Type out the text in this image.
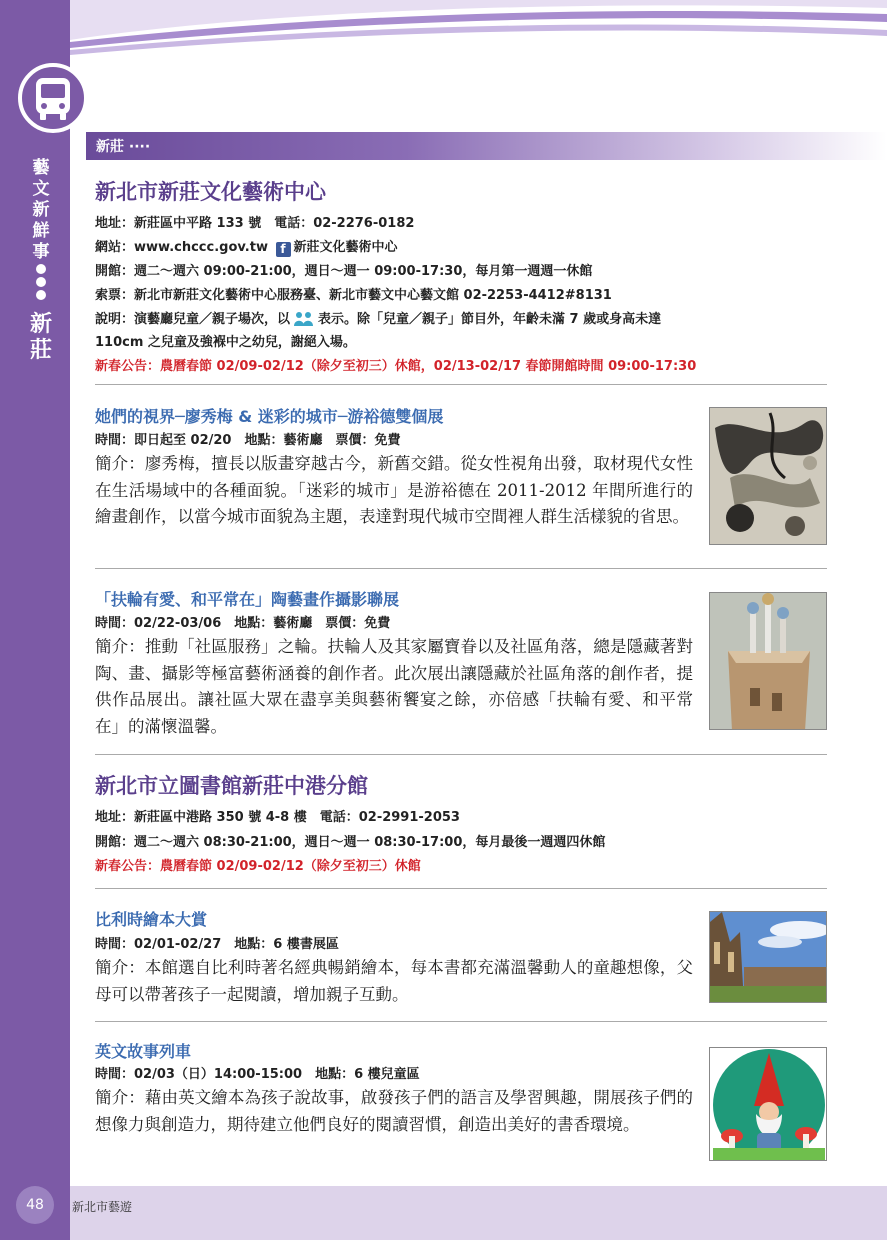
藝
文
新
鮮
事
新
莊
新莊 ····
新北市新莊文化藝術中心
地址：新莊區中平路 133 號　電話：02-2276-0182
網站：www.chccc.gov.tw f 新莊文化藝術中心
開館：週二～週六 09:00-21:00，週日～週一 09:00-17:30，每月第一週週一休館
索票：新北市新莊文化藝術中心服務臺、新北市藝文中心藝文館 02-2253-4412#8131
說明：演藝廳兒童／親子場次，以 表示。除「兒童／親子」節目外，年齡未滿 7 歲或身高未達
110cm 之兒童及強褓中之幼兒，謝絕入場。
新春公告：農曆春節 02/09-02/12（除夕至初三）休館，02/13-02/17 春節開館時間 09:00-17:30
她們的視界─廖秀梅 & 迷彩的城市─游裕德雙個展
時間：即日起至 02/20　地點：藝術廳　票價：免費
簡介：廖秀梅，擅長以版畫穿越古今，新舊交錯。從女性視角出發，取材現代女性在生活場域中的各種面貌。「迷彩的城市」是游裕德在 2011-2012 年間所進行的繪畫創作，以當今城市面貌為主題，表達對現代城市空間裡人群生活樣貌的省思。
「扶輪有愛、和平常在」陶藝畫作攝影聯展
時間：02/22-03/06　地點：藝術廳　票價：免費
簡介：推動「社區服務」之輪。扶輪人及其家屬寶眷以及社區角落，總是隱藏著對陶、畫、攝影等極富藝術涵養的創作者。此次展出讓隱藏於社區角落的創作者，提供作品展出。讓社區大眾在盡享美與藝術饗宴之餘，亦倍感「扶輪有愛、和平常在」的滿懷溫馨。
新北市立圖書館新莊中港分館
地址：新莊區中港路 350 號 4-8 樓　電話：02-2991-2053
開館：週二～週六 08:30-21:00，週日～週一 08:30-17:00，每月最後一週週四休館
新春公告：農曆春節 02/09-02/12（除夕至初三）休館
比利時繪本大賞
時間：02/01-02/27　地點：6 樓書展區
簡介：本館選自比利時著名經典暢銷繪本，每本書都充滿溫馨動人的童趣想像，父母可以帶著孩子一起閱讀，增加親子互動。
英文故事列車
時間：02/03（日）14:00-15:00　地點：6 樓兒童區
簡介：藉由英文繪本為孩子說故事，啟發孩子們的語言及學習興趣，開展孩子們的想像力與創造力，期待建立他們良好的閱讀習慣，創造出美好的書香環境。
48	新北市藝遊
